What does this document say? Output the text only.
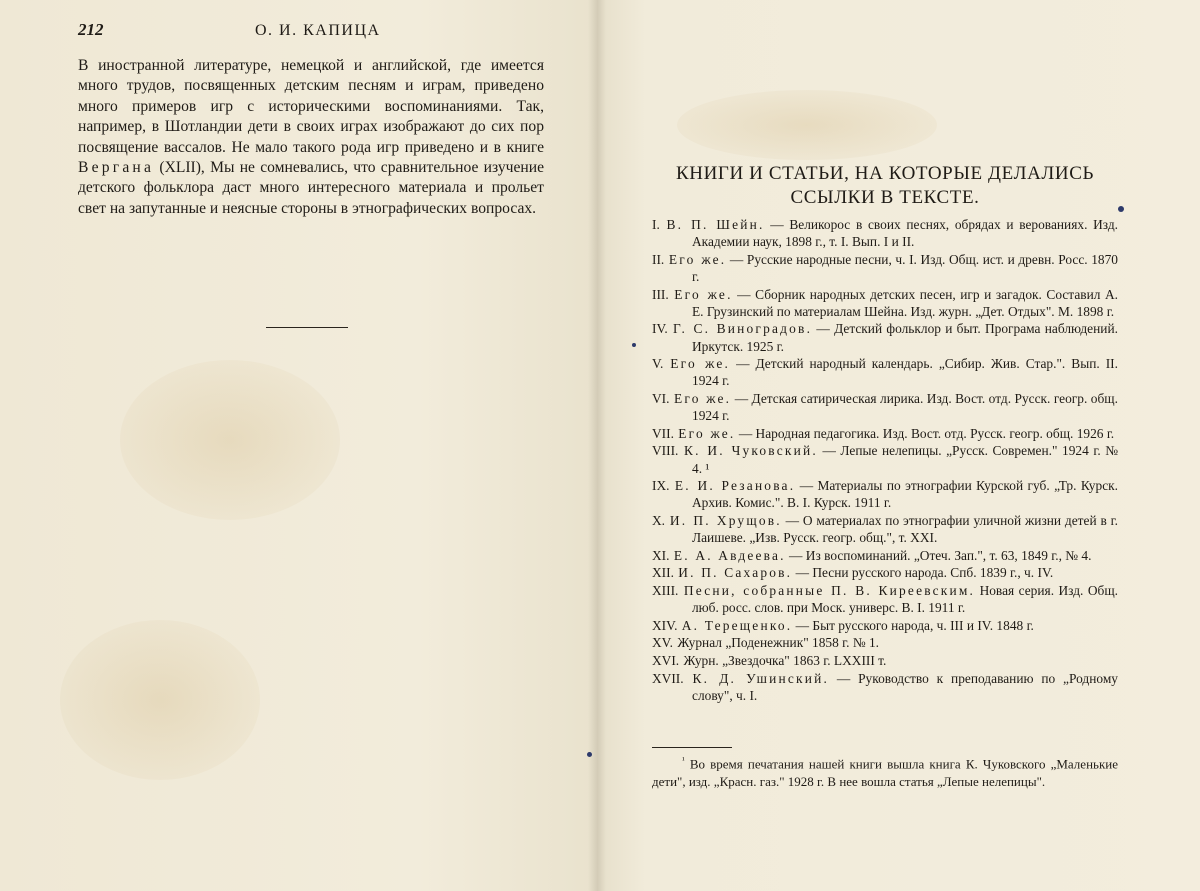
212	О. И. КАПИЦА

В иностранной литературе, немецкой и английской, где имеется много трудов, посвященных детским песням и играм, приведено много примеров игр с историческими воспоминаниями. Так, например, в Шотландии дети в своих играх изображают до сих пор посвящение вассалов. Не мало такого рода игр приведено и в книге Вергана (XLII), Мы не сомневались, что сравнительное изучение детского фольклора даст много интересного материала и прольет свет на запутанные и неясные стороны в этнографических вопросах.

КНИГИ И СТАТЬИ, НА КОТОРЫЕ ДЕЛАЛИСЬ
ССЫЛКИ В ТЕКСТЕ.
I. В. П. Шейн. — Великорос в своих песнях, обрядах и верованиях. Изд. Академии наук, 1898 г., т. I. Вып. I и II.
II. Его же. — Русские народные песни, ч. I. Изд. Общ. ист. и древн. Росс. 1870 г.
III. Его же. — Сборник народных детских песен, игр и загадок. Составил А. Е. Грузинский по материалам Шейна. Изд. журн. „Дет. Отдых". М. 1898 г.
IV. Г. С. Виноградов. — Детский фольклор и быт. Програма наблюдений. Иркутск. 1925 г.
V. Его же. — Детский народный календарь. „Сибир. Жив. Стар.". Вып. II. 1924 г.
VI. Его же. — Детская сатирическая лирика. Изд. Вост. отд. Русск. геогр. общ. 1924 г.
VII. Его же. — Народная педагогика. Изд. Вост. отд. Русск. геогр. общ. 1926 г.
VIII. К. И. Чуковский. — Лепые нелепицы. „Русск. Современ." 1924 г. № 4. ¹
IX. Е. И. Резанова. — Материалы по этнографии Курской губ. „Тр. Курск. Архив. Комис.". В. I. Курск. 1911 г.
X. И. П. Хрущов. — О материалах по этнографии уличной жизни детей в г. Лаишеве. „Изв. Русск. геогр. общ.", т. XXI.
XI. Е. А. Авдеева. — Из воспоминаний. „Отеч. Зап.", т. 63, 1849 г., № 4.
XII. И. П. Сахаров. — Песни русского народа. Спб. 1839 г., ч. IV.
XIII. Песни, собранные П. В. Киреевским. Новая серия. Изд. Общ. люб. росс. слов. при Моск. универс. В. I. 1911 г.
XIV. А. Терещенко. — Быт русского народа, ч. III и IV. 1848 г.
XV. Журнал „Поденежник" 1858 г. № 1.
XVI. Журн. „Звездочка" 1863 г. LXXIII т.
XVII. К. Д. Ушинский. — Руководство к преподаванию по „Родному слову", ч. I.

$^{^1}$ Во время печатания нашей книги вышла книга К. Чуковского „Маленькие дети", изд. „Красн. газ." 1928 г. В нее вошла статья „Лепые нелепицы".
